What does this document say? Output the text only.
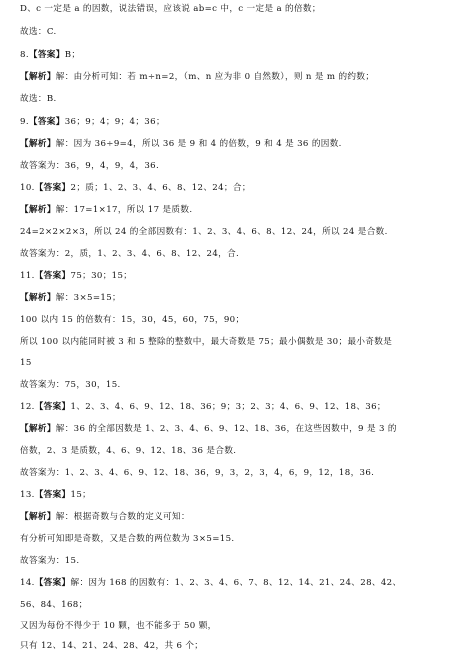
D、c 一定是 a 的因数，说法错误，应该说 ab=c 中，c 一定是 a 的倍数；
故选：C.
8.【答案】B；
【解析】解：由分析可知：若 m÷n=2，（m、n 应为非 0 自然数），则 n 是 m 的约数；
故选：B.
9.【答案】36；9；4；9；4；36；
【解析】解：因为 36÷9=4，所以 36 是 9 和 4 的倍数，9 和 4 是 36 的因数.
故答案为：36，9，4，9，4，36.
10.【答案】2；质；1、2、3、4、6、8、12、24；合；
【解析】解：17=1×17，所以 17 是质数.
24=2×2×2×3，所以 24 的全部因数有：1、2、3、4、6、8、12、24，所以 24 是合数.
故答案为：2，质，1、2、3、4、6、8、12、24，合.
11.【答案】75；30；15；
【解析】解：3×5=15；
100 以内 15 的倍数有：15，30，45，60，75，90；
所以 100 以内能同时被 3 和 5 整除的整数中，最大奇数是 75；最小偶数是 30；最小奇数是
15
故答案为：75，30，15.
12.【答案】1、2、3、4、6、9、12、18、36；9；3；2、3；4、6、9、12、18、36；
【解析】解：36 的全部因数是 1、2、3、4、6、9、12、18、36，在这些因数中，9 是 3 的
倍数，2、3 是质数，4、6、9、12、18、36 是合数.
故答案为：1、2、3、4、6、9、12、18、36，9，3，2，3，4，6，9，12，18，36.
13.【答案】15；
【解析】解：根据奇数与合数的定义可知：
有分析可知即是奇数，又是合数的两位数为 3×5=15.
故答案为：15.
14.【答案】解：因为 168 的因数有：1、2、3、4、6、7、8、12、14、21、24、28、42、
56、84、168；
又因为每份不得少于 10 颗，也不能多于 50 颗，
只有 12、14、21、24、28、42，共 6 个；
